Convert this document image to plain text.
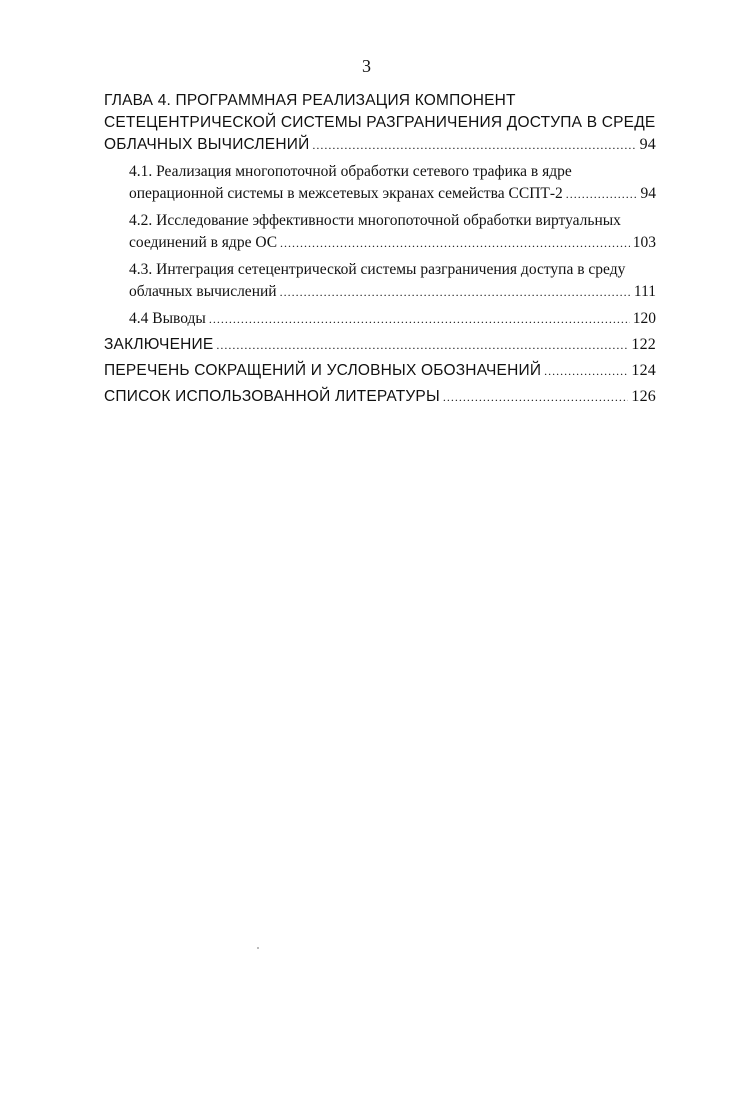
3
ГЛАВА 4. ПРОГРАММНАЯ РЕАЛИЗАЦИЯ КОМПОНЕНТ
СЕТЕЦЕНТРИЧЕСКОЙ СИСТЕМЫ РАЗГРАНИЧЕНИЯ ДОСТУПА В СРЕДЕ
ОБЛАЧНЫХ ВЫЧИСЛЕНИЙ .....	94
4.1. Реализация многопоточной обработки сетевого трафика в ядре
операционной системы в межсетевых экранах семейства ССПТ-2 .....	94
4.2. Исследование эффективности многопоточной обработки виртуальных
соединений в ядре ОС .....	103
4.3. Интеграция сетецентрической системы разграничения доступа в среду
облачных вычислений .....	111
4.4 Выводы .....	120
ЗАКЛЮЧЕНИЕ .....	122
ПЕРЕЧЕНЬ СОКРАЩЕНИЙ И УСЛОВНЫХ ОБОЗНАЧЕНИЙ .....	124
СПИСОК ИСПОЛЬЗОВАННОЙ ЛИТЕРАТУРЫ .....	126
